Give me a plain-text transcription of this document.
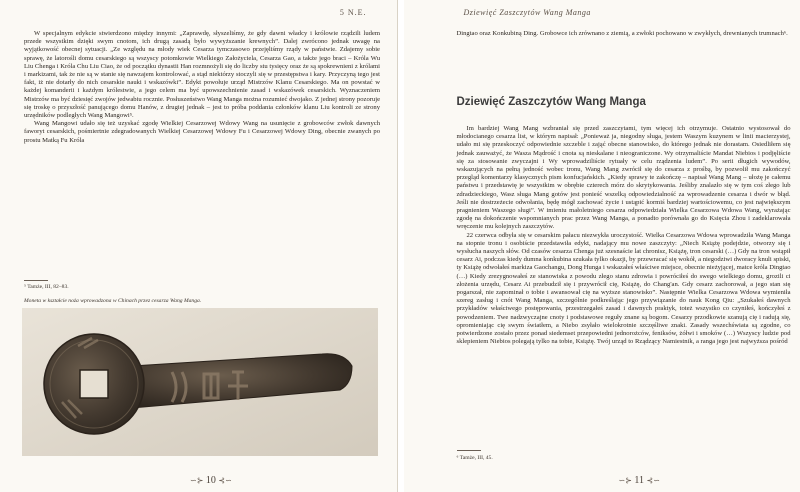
5 N.E.

W specjalnym edykcie stwierdzono między innymi: „Zaprawdę, słyszeliśmy, że gdy dawni władcy i królowie rządzili ludem przede wszystkim dzięki swym cnotom, ich drugą zasadą było wywyższanie krewnych”. Dalej zwrócono jednak uwagę na wyjątkowość obecnej sytuacji. „Ze względu na młody wiek Cesarza tymczasowo przejęliśmy rządy w państwie. Zdajemy sobie sprawę, że latorośli domu cesarskiego są wszyscy potomkowie Wielkiego Założyciela, Cesarza Gao, a także jego braci – Króla Wu Liu Chenga i Króla Chu Liu Ciao, że od początku dynastii Han rozmnożyli się do liczby stu tysięcy oraz że są spokrewnieni z królami i markizami, tak że nie są w stanie się nawzajem kontrolować, a stąd niektórzy stoczyli się w przestępstwa i kary. Przyczyną tego jest fakt, iż nie dotarły do nich cesarskie nauki i wskazówki”. Edykt powołuje urząd Mistrzów Klanu Cesarskiego. Ma on powstać w każdej komanderii i każdym królestwie, a jego celem ma być upowszechnienie zasad i wskazówek cesarskich. Wyznaczeniem Mistrzów ma być dziesięć zwojów jedwabiu rocznie. Posłuszeństwo Wang Manga można rozumieć dwojako. Z jednej strony pozoruje się troskę o przyszłość panującego domu Hanów, z drugiej jednak – jest to próba poddania członków klanu Liu kontroli ze strony urzędników podległych Wang Mangowi⁵.

Wang Mangowi udało się też uzyskać zgodę Wielkiej Cesarzowej Wdowy Wang na usunięcie z grobowców zwłok dawnych faworyt cesarskich, pośmiertnie zdegradowanych Wielkiej Cesarzowej Wdowy Fu i Cesarzowej Wdowy Ding, obecnie zwanych po prostu Matką Fu Króla

⁵ Tamże, III, 82–83.
Moneta w kształcie noża wprowadzona w Chinach przez cesarza Wang Manga.
∽⊱ 10 ⊰∽
Dziewięć Zaszczytów Wang Manga

Dingtao oraz Konkubiną Ding. Grobowce ich zrównano z ziemią, a zwłoki pochowano w zwykłych, drewnianych trumnach⁶.

Dziewięć Zaszczytów Wang Manga

Im bardziej Wang Mang wzbraniał się przed zaszczytami, tym więcej ich otrzymuje. Ostatnio wystosował do młodocianego cesarza list, w którym napisał: „Ponieważ ja, niegodny sługa, jestem Waszym kuzynem w linii macierzystej, udało mi się przeskoczyć odpowiednie szczeble i zająć obecne stanowisko, do którego jednak nie dorastam. Osiedliłem się jednak zauważyć, że Wasza Mądrość i cnota są nieskalane i nieograniczone. Wy otrzymaliście Mandat Niebios i podjęliście się za stosowanie zwyczajni i Wy wprowadziliście rytuały w celu rządzenia ludem”. Po serii długich wywodów, wskazujących na pełną jedność wobec tronu, Wang Mang zwrócił się do cesarza z prośbą, by pozwolił mu zakończyć przegląd komentarzy klasycznych pism konfucjańskich. „Kiedy sprawy te zakończę – napisał Wang Mang – ułożę je całemu państwu i przedstawię je wszystkim w obrębie czterech mórz do skrytykowania. Jeśliby znalazło się w tym coś złego lub zdradzieckiego, Wasz sługa Mang gotów jest ponieść wszelką odpowiedzialność za wprowadzenie cesarza i dwór w błąd. Jeśli nie dostrzeżecie odwołania, będę mógł zachować życie i ustąpić kormiś bardziej wartościowemu, co jest największym pragnieniem Waszego sługi”. W imieniu małoletniego cesarza odpowiedziała Wielka Cesarzowa Wdowa Wang, wyrażając zgodę na dokończenie wspomnianych prac przez Wang Manga, a ponadto porównała go do Księcia Zhou i zadeklarowała wręczenie mu kolejnych zaszczytów.

22 czerwca odbyła się w cesarskim pałacu niezwykła uroczystość. Wielka Cesarzowa Wdowa wprowadziła Wang Manga na stopnie tronu i osobiście przedstawiła edykt, nadający mu nowe zaszczyty: „Niech Książę podejdzie, otworzy się i wysłucha naszych słów. Od czasów cesarza Chenga już szesnaście lat chronisz, Książę, tron cesarski (…) Gdy na tron wstąpił cesarz Ai, podczas kiedy dumna konkubina szukała tylko okazji, by przewracać się wokół, a niegodziwi dworacy knuli spiski, ty Książę odwołałeś markiza Gaochangu, Dong Hunga i wskazałeś właściwe miejsce, obecnie nieżyjącej, matce króla Dingtao (…) Kiedy zrezygnowałeś ze stanowiska z powodu złego stanu zdrowia i powróciłeś do swego wielkiego domu, grozili ci złożenia urzędu, Cesarz Ai przebudził się i przywrócił cię, Książę, do Chang'an. Gdy cesarz zachorował, a jego stan się pogarszał, nie zapominał o tobie i awansował cię na wyższe stanowisko”. Następnie Wielka Cesarzowa Wdowa wymieniła szereg zasług i cnót Wang Manga, szczególnie podkreślając jego przywiązanie do nauk Kong Qiu: „Szukałeś dawnych przykładów właściwego postępowania, przestrzegałeś zasad i dawnych praktyk, toteż wszystko co czyniłeś, kończyłeś z powodzeniem. Twe nadzwyczajne cnoty i podstawowe reguły znane są bogom. Cesarzy przodkowie szanują cię i radują się, opromieniając cię swym światłem, a Niebo zsyłało wielokrotnie szczęśliwe znaki. Zasady wszechświata są zgodne, co potwierdzone zostało przez ponad siedemset przepowiedni jednorożców, feniksów, żółwi i smoków (…) Wszyscy ludzie pod sklepieniem Niebios polegają tylko na tobie, Książę. Twój urząd to Rządzący Namiestnik, a ranga jego jest najwyższa pośród

⁶ Tamże, III, 45.
∽⊱ 11 ⊰∽
